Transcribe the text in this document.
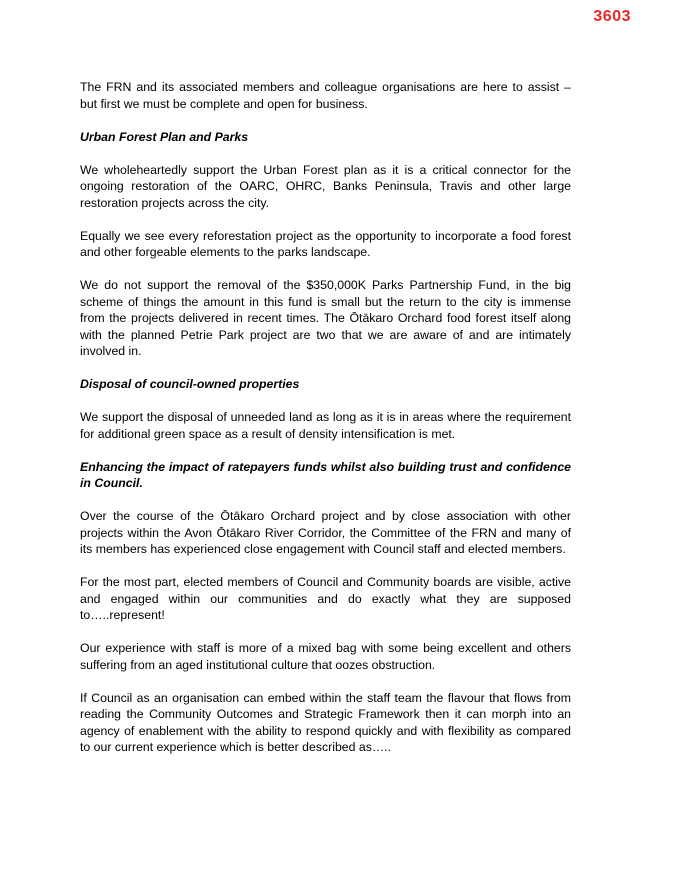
3603

The FRN and its associated members and colleague organisations are here to assist – but first we must be complete and open for business.

Urban Forest Plan and Parks

We wholeheartedly support the Urban Forest plan as it is a critical connector for the ongoing restoration of the OARC, OHRC, Banks Peninsula, Travis and other large restoration projects across the city.

Equally we see every reforestation project as the opportunity to incorporate a food forest and other forgeable elements to the parks landscape.

We do not support the removal of the $350,000K Parks Partnership Fund, in the big scheme of things the amount in this fund is small but the return to the city is immense from the projects delivered in recent times. The Ōtākaro Orchard food forest itself along with the planned Petrie Park project are two that we are aware of and are intimately involved in.

Disposal of council-owned properties

We support the disposal of unneeded land as long as it is in areas where the requirement for additional green space as a result of density intensification is met.

Enhancing the impact of ratepayers funds whilst also building trust and confidence in Council.

Over the course of the Ōtākaro Orchard project and by close association with other projects within the Avon Ōtākaro River Corridor, the Committee of the FRN and many of its members has experienced close engagement with Council staff and elected members.

For the most part, elected members of Council and Community boards are visible, active and engaged within our communities and do exactly what they are supposed to…..represent!

Our experience with staff is more of a mixed bag with some being excellent and others suffering from an aged institutional culture that oozes obstruction.

If Council as an organisation can embed within the staff team the flavour that flows from reading the Community Outcomes and Strategic Framework then it can morph into an agency of enablement with the ability to respond quickly and with flexibility as compared to our current experience which is better described as…..
